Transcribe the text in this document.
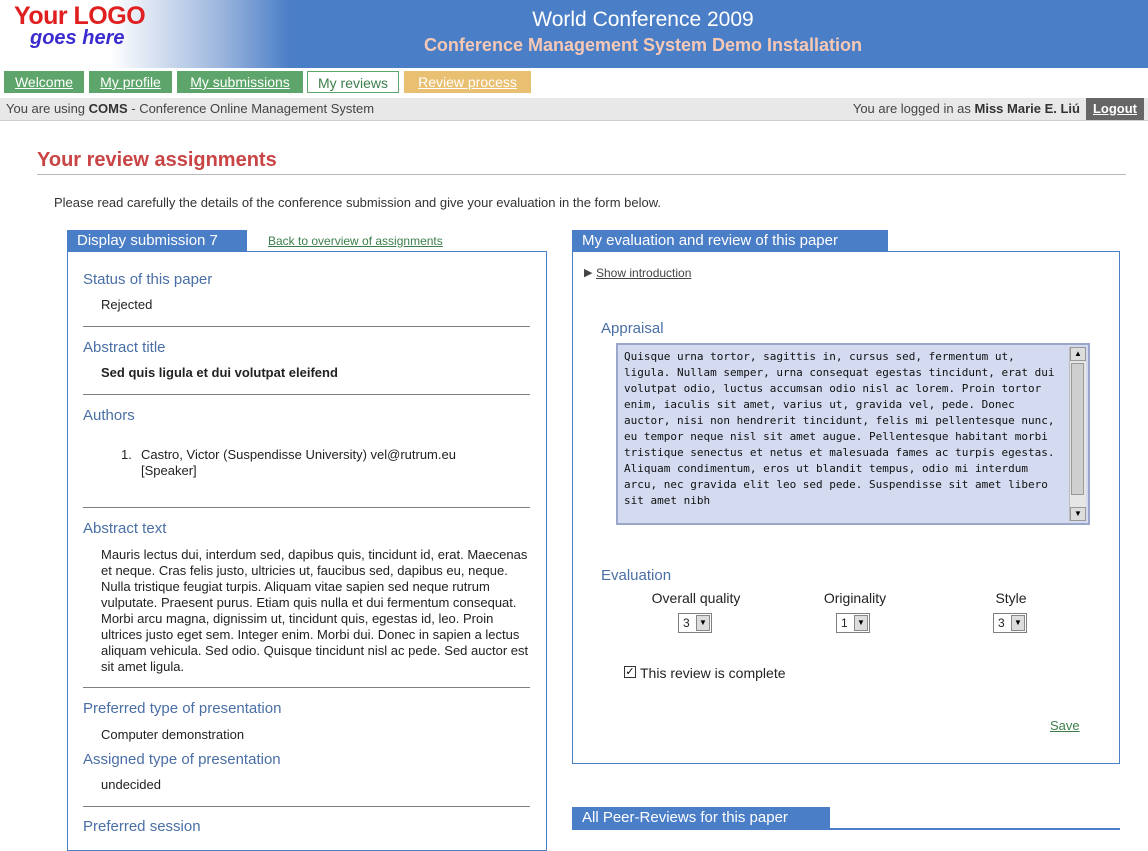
Your LOGO
goes here
World Conference 2009
Conference Management System Demo Installation
Welcome	My profile	My submissions	My reviews	Review process
You are using COMS - Conference Online Management System	You are logged in as Miss Marie E. Liú Logout
Your review assignments
Please read carefully the details of the conference submission and give your evaluation in the form below.
Display submission 7	Back to overview of assignments
Status of this paper
Rejected
Abstract title
Sed quis ligula et dui volutpat eleifend
Authors
1. Castro, Victor (Suspendisse University) vel@rutrum.eu
[Speaker]
Abstract text
Mauris lectus dui, interdum sed, dapibus quis, tincidunt id, erat. Maecenas et neque. Cras felis justo, ultricies ut, faucibus sed, dapibus eu, neque. Nulla tristique feugiat turpis. Aliquam vitae sapien sed neque rutrum vulputate. Praesent purus. Etiam quis nulla et dui fermentum consequat. Morbi arcu magna, dignissim ut, tincidunt quis, egestas id, leo. Proin ultrices justo eget sem. Integer enim. Morbi dui. Donec in sapien a lectus aliquam vehicula. Sed odio. Quisque tincidunt nisl ac pede. Sed auctor est sit amet ligula.
Preferred type of presentation
Computer demonstration
Assigned type of presentation
undecided
Preferred session
My evaluation and review of this paper
▶ Show introduction
Appraisal
Quisque urna tortor, sagittis in, cursus sed, fermentum ut, ligula. Nullam semper, urna consequat egestas tincidunt, erat dui volutpat odio, luctus accumsan odio nisl ac lorem. Proin tortor enim, iaculis sit amet, varius ut, gravida vel, pede. Donec auctor, nisi non hendrerit tincidunt, felis mi pellentesque nunc, eu tempor neque nisl sit amet augue. Pellentesque habitant morbi tristique senectus et netus et malesuada fames ac turpis egestas. Aliquam condimentum, eros ut blandit tempus, odio mi interdum arcu, nec gravida elit leo sed pede. Suspendisse sit amet libero sit amet nibh
▲
▼
Evaluation
Overall quality
3	▼
Originality
1	▼
Style
3	▼
✓ This review is complete
Save
All Peer-Reviews for this paper
